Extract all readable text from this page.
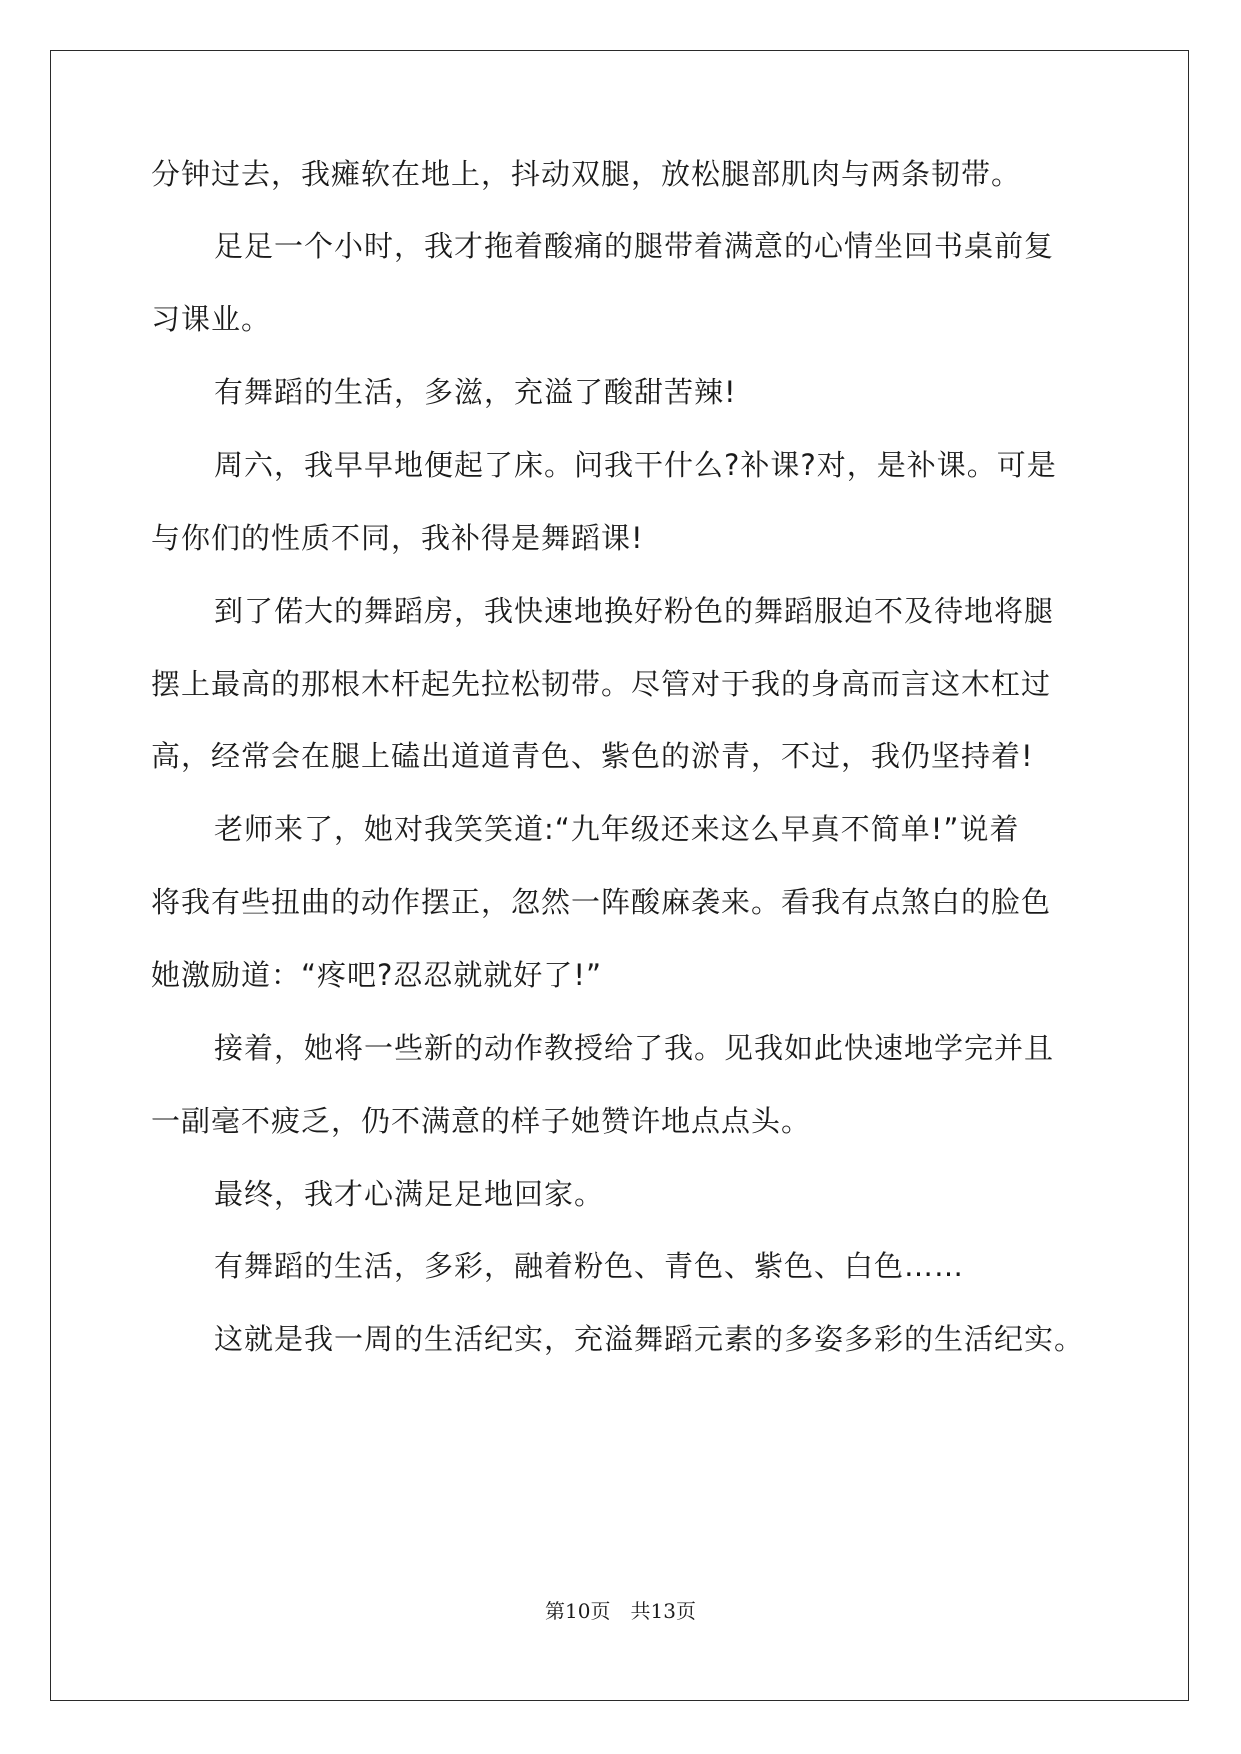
分钟过去，我瘫软在地上，抖动双腿，放松腿部肌肉与两条韧带。
足足一个小时，我才拖着酸痛的腿带着满意的心情坐回书桌前复
习课业。
有舞蹈的生活，多滋，充溢了酸甜苦辣!
周六，我早早地便起了床。问我干什么?补课?对，是补课。可是
与你们的性质不同，我补得是舞蹈课!
到了偌大的舞蹈房，我快速地换好粉色的舞蹈服迫不及待地将腿
摆上最高的那根木杆起先拉松韧带。尽管对于我的身高而言这木杠过
高，经常会在腿上磕出道道青色、紫色的淤青，不过，我仍坚持着!
老师来了，她对我笑笑道:“九年级还来这么早真不简单!”说着
将我有些扭曲的动作摆正，忽然一阵酸麻袭来。看我有点煞白的脸色
她激励道：“疼吧?忍忍就就好了!”
接着，她将一些新的动作教授给了我。见我如此快速地学完并且
一副毫不疲乏，仍不满意的样子她赞许地点点头。
最终，我才心满足足地回家。
有舞蹈的生活，多彩，融着粉色、青色、紫色、白色……
这就是我一周的生活纪实，充溢舞蹈元素的多姿多彩的生活纪实。
第10页　共13页
